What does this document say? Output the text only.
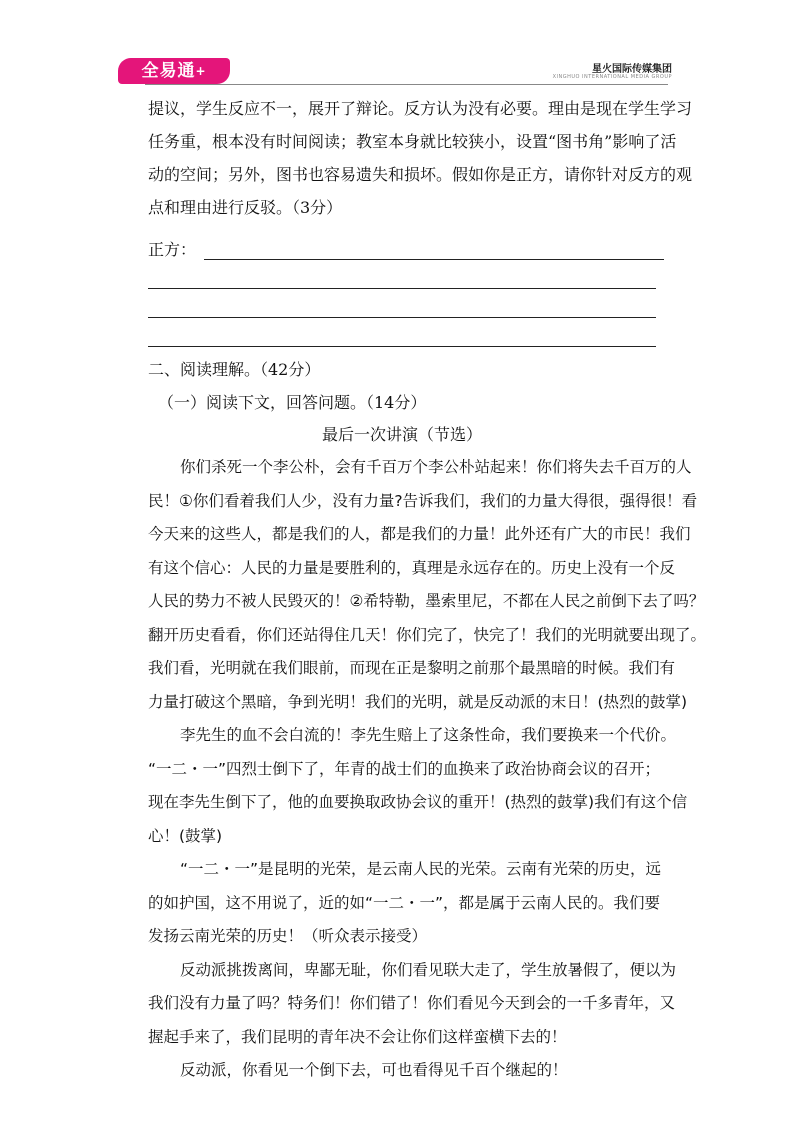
全易通+	星火国际传媒集团
XINGHUO INTERNATIONAL MEDIA GROUP
提议，学生反应不一，展开了辩论。反方认为没有必要。理由是现在学生学习
任务重，根本没有时间阅读；教室本身就比较狭小，设置“图书角”影响了活
动的空间；另外，图书也容易遗失和损坏。假如你是正方，请你针对反方的观
点和理由进行反驳。（3分）
正方：
二、阅读理解。（42分）
（一）阅读下文，回答问题。（14分）
最后一次讲演（节选）
你们杀死一个李公朴，会有千百万个李公朴站起来！你们将失去千百万的人
民！①你们看着我们人少，没有力量?告诉我们，我们的力量大得很，强得很！看
今天来的这些人，都是我们的人，都是我们的力量！此外还有广大的市民！我们
有这个信心：人民的力量是要胜利的，真理是永远存在的。历史上没有一个反
人民的势力不被人民毁灭的！②希特勒，墨索里尼，不都在人民之前倒下去了吗？
翻开历史看看，你们还站得住几天！你们完了，快完了！我们的光明就要出现了。
我们看，光明就在我们眼前，而现在正是黎明之前那个最黑暗的时候。我们有
力量打破这个黑暗，争到光明！我们的光明，就是反动派的末日！(热烈的鼓掌)
李先生的血不会白流的！李先生赔上了这条性命，我们要换来一个代价。
“一二・一”四烈士倒下了，年青的战士们的血换来了政治协商会议的召开；
现在李先生倒下了，他的血要换取政协会议的重开！(热烈的鼓掌)我们有这个信
心！(鼓掌)
“一二・一”是昆明的光荣，是云南人民的光荣。云南有光荣的历史，远
的如护国，这不用说了，近的如“一二・一”，都是属于云南人民的。我们要
发扬云南光荣的历史！（听众表示接受）
反动派挑拨离间，卑鄙无耻，你们看见联大走了，学生放暑假了，便以为
我们没有力量了吗？特务们！你们错了！你们看见今天到会的一千多青年，又
握起手来了，我们昆明的青年决不会让你们这样蛮横下去的！
反动派，你看见一个倒下去，可也看得见千百个继起的！
